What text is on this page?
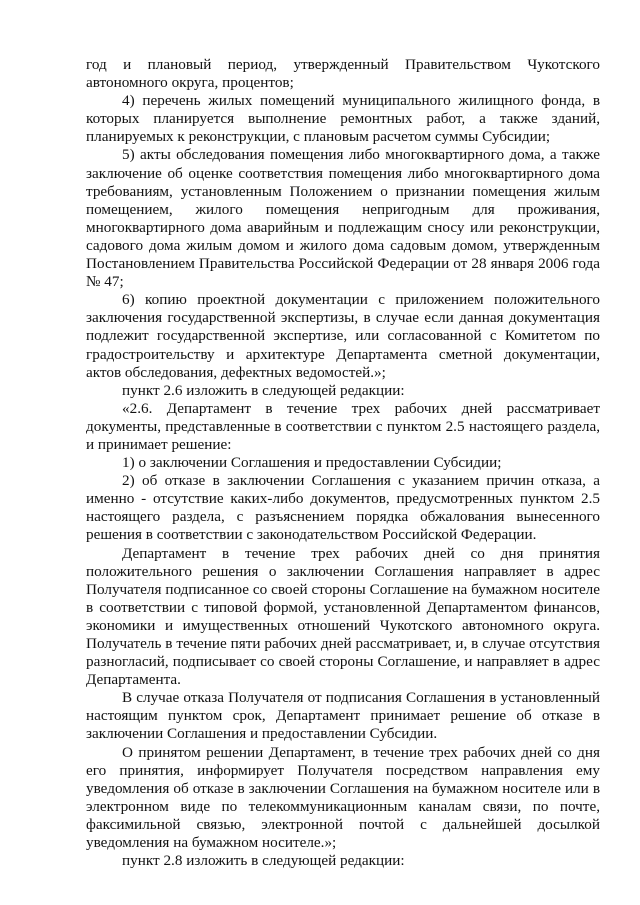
год и плановый период, утвержденный Правительством Чукотского автономного округа, процентов;

4) перечень жилых помещений муниципального жилищного фонда, в которых планируется выполнение ремонтных работ, а также зданий, планируемых к реконструкции, с плановым расчетом суммы Субсидии;

5) акты обследования помещения либо многоквартирного дома, а также заключение об оценке соответствия помещения либо многоквартирного дома требованиям, установленным Положением о признании помещения жилым помещением, жилого помещения непригодным для проживания, многоквартирного дома аварийным и подлежащим сносу или реконструкции, садового дома жилым домом и жилого дома садовым домом, утвержденным Постановлением Правительства Российской Федерации от 28 января 2006 года № 47;

6) копию проектной документации с приложением положительного заключения государственной экспертизы, в случае если данная документация подлежит государственной экспертизе, или согласованной с Комитетом по градостроительству и архитектуре Департамента сметной документации, актов обследования, дефектных ведомостей.»;

пункт 2.6 изложить в следующей редакции:

«2.6. Департамент в течение трех рабочих дней рассматривает документы, представленные в соответствии с пунктом 2.5 настоящего раздела, и принимает решение:

1) о заключении Соглашения и предоставлении Субсидии;

2) об отказе в заключении Соглашения с указанием причин отказа, а именно - отсутствие каких-либо документов, предусмотренных пунктом 2.5 настоящего раздела, с разъяснением порядка обжалования вынесенного решения в соответствии с законодательством Российской Федерации.

Департамент в течение трех рабочих дней со дня принятия положительного решения о заключении Соглашения направляет в адрес Получателя подписанное со своей стороны Соглашение на бумажном носителе в соответствии с типовой формой, установленной Департаментом финансов, экономики и имущественных отношений Чукотского автономного округа. Получатель в течение пяти рабочих дней рассматривает, и, в случае отсутствия разногласий, подписывает со своей стороны Соглашение, и направляет в адрес Департамента.

В случае отказа Получателя от подписания Соглашения в установленный настоящим пунктом срок, Департамент принимает решение об отказе в заключении Соглашения и предоставлении Субсидии.

О принятом решении Департамент, в течение трех рабочих дней со дня его принятия, информирует Получателя посредством направления ему уведомления об отказе в заключении Соглашения на бумажном носителе или в электронном виде по телекоммуникационным каналам связи, по почте, факсимильной связью, электронной почтой с дальнейшей досылкой уведомления на бумажном носителе.»;

пункт 2.8 изложить в следующей редакции:
